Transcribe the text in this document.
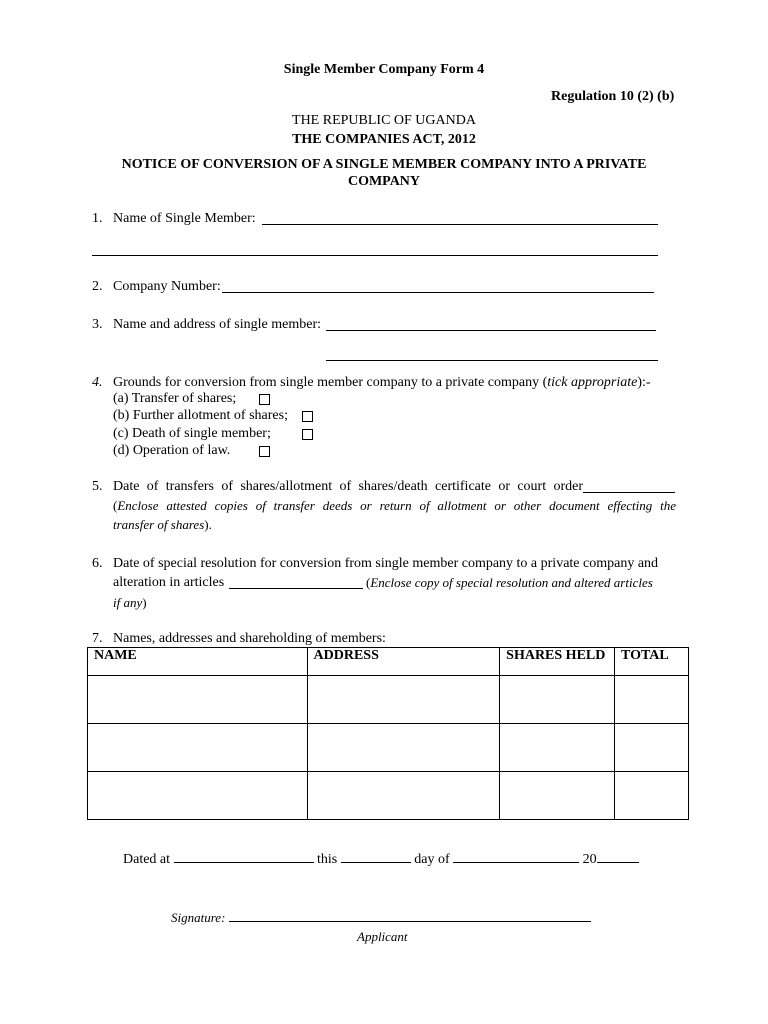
Single Member Company Form 4
Regulation 10 (2) (b)
THE REPUBLIC OF UGANDA
THE COMPANIES ACT, 2012
NOTICE OF CONVERSION OF A SINGLE MEMBER COMPANY INTO A PRIVATE
COMPANY
1. Name of Single Member:
2. Company Number:
3. Name and address of single member:
4. Grounds for conversion from single member company to a private company (tick appropriate):-
(a) Transfer of shares;
(b) Further allotment of shares;
(c) Death of single member;
(d) Operation of law.
5. Date of transfers of shares/allotment of shares/death certificate or court order
(Enclose attested copies of transfer deeds or return of allotment or other document effecting the
transfer of shares).
6. Date of special resolution for conversion from single member company to a private company and
alteration in articles	(Enclose copy of special resolution and altered articles
if any)
7. Names, addresses and shareholding of members:
NAME	ADDRESS	SHARES HELD	TOTAL

Dated at	this	day of	20
Signature:
Applicant
